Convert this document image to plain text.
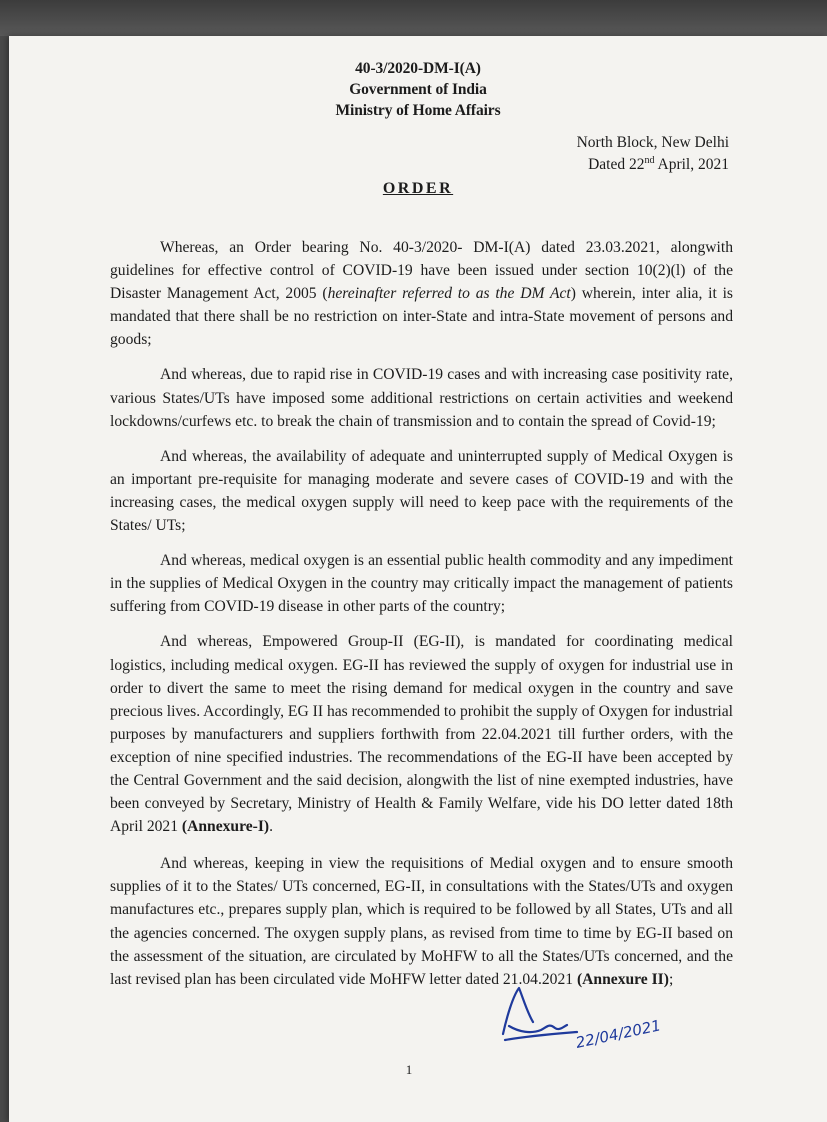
40-3/2020-DM-I(A)
Government of India
Ministry of Home Affairs
North Block, New Delhi
Dated 22nd April, 2021
ORDER

Whereas, an Order bearing No. 40-3/2020- DM-I(A) dated 23.03.2021, alongwith guidelines for effective control of COVID-19 have been issued under section 10(2)(l) of the Disaster Management Act, 2005 (hereinafter referred to as the DM Act) wherein, inter alia, it is mandated that there shall be no restriction on inter-State and intra-State movement of persons and goods;

And whereas, due to rapid rise in COVID-19 cases and with increasing case positivity rate, various States/UTs have imposed some additional restrictions on certain activities and weekend lockdowns/curfews etc. to break the chain of transmission and to contain the spread of Covid-19;

And whereas, the availability of adequate and uninterrupted supply of Medical Oxygen is an important pre-requisite for managing moderate and severe cases of COVID-19 and with the increasing cases, the medical oxygen supply will need to keep pace with the requirements of the States/ UTs;

And whereas, medical oxygen is an essential public health commodity and any impediment in the supplies of Medical Oxygen in the country may critically impact the management of patients suffering from COVID-19 disease in other parts of the country;

And whereas, Empowered Group-II (EG-II), is mandated for coordinating medical logistics, including medical oxygen. EG-II has reviewed the supply of oxygen for industrial use in order to divert the same to meet the rising demand for medical oxygen in the country and save precious lives. Accordingly, EG II has recommended to prohibit the supply of Oxygen for industrial purposes by manufacturers and suppliers forthwith from 22.04.2021 till further orders, with the exception of nine specified industries. The recommendations of the EG-II have been accepted by the Central Government and the said decision, alongwith the list of nine exempted industries, have been conveyed by Secretary, Ministry of Health & Family Welfare, vide his DO letter dated 18th April 2021 (Annexure-I).

And whereas, keeping in view the requisitions of Medial oxygen and to ensure smooth supplies of it to the States/ UTs concerned, EG-II, in consultations with the States/UTs and oxygen manufactures etc., prepares supply plan, which is required to be followed by all States, UTs and all the agencies concerned. The oxygen supply plans, as revised from time to time by EG-II based on the assessment of the situation, are circulated by MoHFW to all the States/UTs concerned, and the last revised plan has been circulated vide MoHFW letter dated 21.04.2021 (Annexure II);

22/04/2021
1
